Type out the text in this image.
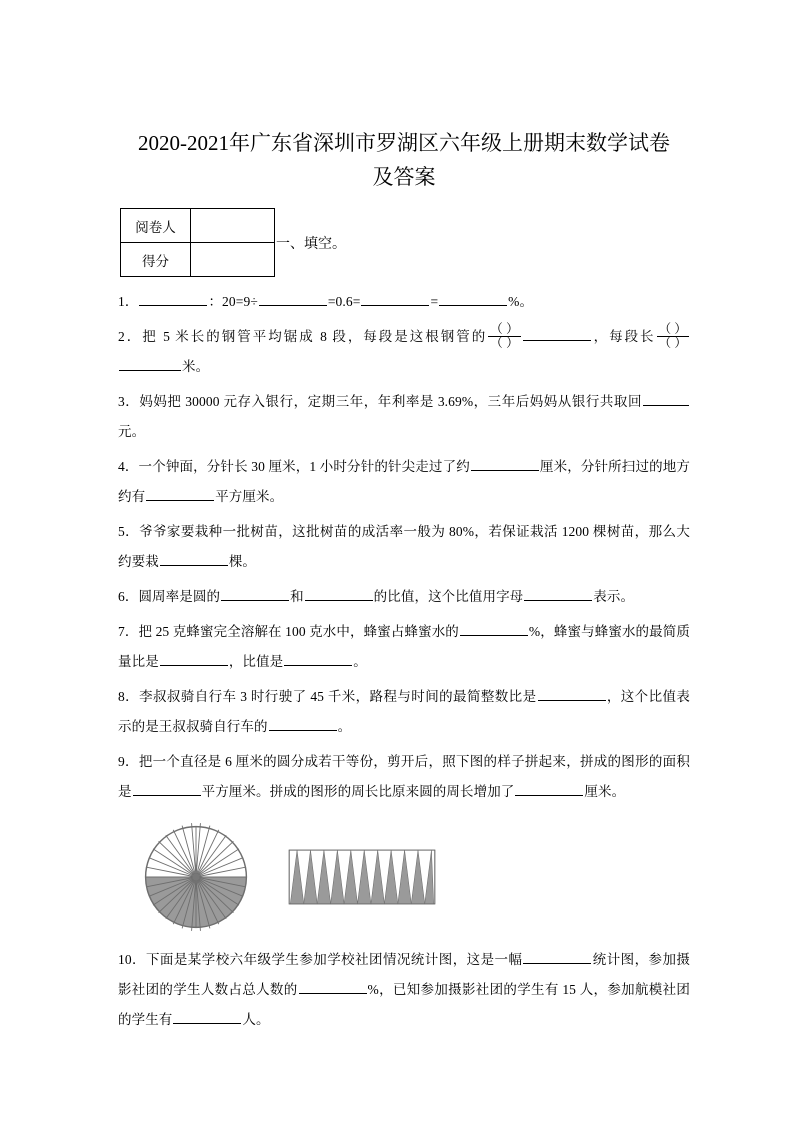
2020-2021年广东省深圳市罗湖区六年级上册期末数学试卷
及答案
阅卷人	
得分	
一、填空。

1．	：20=9÷	=0.6=	=	%。

2．把 5 米长的钢管平均锯成 8 段，每段是这根钢管的 $\frac{( )}{( )}$	，每段长 $\frac{( )}{( )}$
米。

3．妈妈把 30000 元存入银行，定期三年，年利率是 3.69%，三年后妈妈从银行共取回元。

4．一个钟面，分针长 30 厘米，1 小时分针的针尖走过了约	厘米，分针所扫过的地方约有	平方厘米。

5．爷爷家要栽种一批树苗，这批树苗的成活率一般为 80%，若保证栽活 1200 棵树苗，那么大约要栽	棵。

6．圆周率是圆的	和	的比值，这个比值用字母	表示。

7．把 25 克蜂蜜完全溶解在 100 克水中，蜂蜜占蜂蜜水的	%，蜂蜜与蜂蜜水的最简质量比是	，比值是	。

8．李叔叔骑自行车 3 时行驶了 45 千米，路程与时间的最简整数比是	，这个比值表示的是王叔叔骑自行车的	。

9．把一个直径是 6 厘米的圆分成若干等份，剪开后，照下图的样子拼起来，拼成的图形的面积是	平方厘米。拼成的图形的周长比原来圆的周长增加了	厘米。

10．下面是某学校六年级学生参加学校社团情况统计图，这是一幅	统计图，参加摄影社团的学生人数占总人数的	%，已知参加摄影社团的学生有 15 人，参加航模社团的学生有	人。
